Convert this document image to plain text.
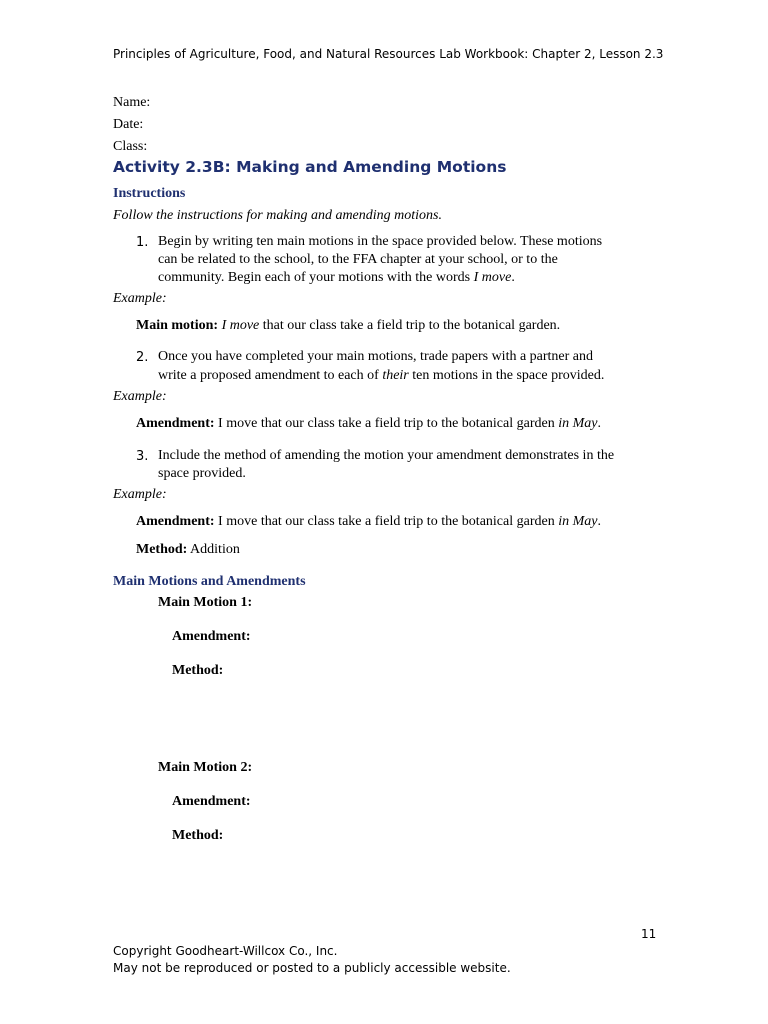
Principles of Agriculture, Food, and Natural Resources Lab Workbook: Chapter 2, Lesson 2.3
Name:
Date:
Class:
Activity 2.3B: Making and Amending Motions
Instructions
Follow the instructions for making and amending motions.
1. Begin by writing ten main motions in the space provided below. These motions
can be related to the school, to the FFA chapter at your school, or to the
community. Begin each of your motions with the words I move.
Example:
Main motion: I move that our class take a field trip to the botanical garden.
2. Once you have completed your main motions, trade papers with a partner and
write a proposed amendment to each of their ten motions in the space provided.
Example:
Amendment: I move that our class take a field trip to the botanical garden in May.
3. Include the method of amending the motion your amendment demonstrates in the
space provided.
Example:
Amendment: I move that our class take a field trip to the botanical garden in May.
Method: Addition
Main Motions and Amendments
Main Motion 1:
Amendment:
Method:
Main Motion 2:
Amendment:
Method:
11
Copyright Goodheart-Willcox Co., Inc.
May not be reproduced or posted to a publicly accessible website.
